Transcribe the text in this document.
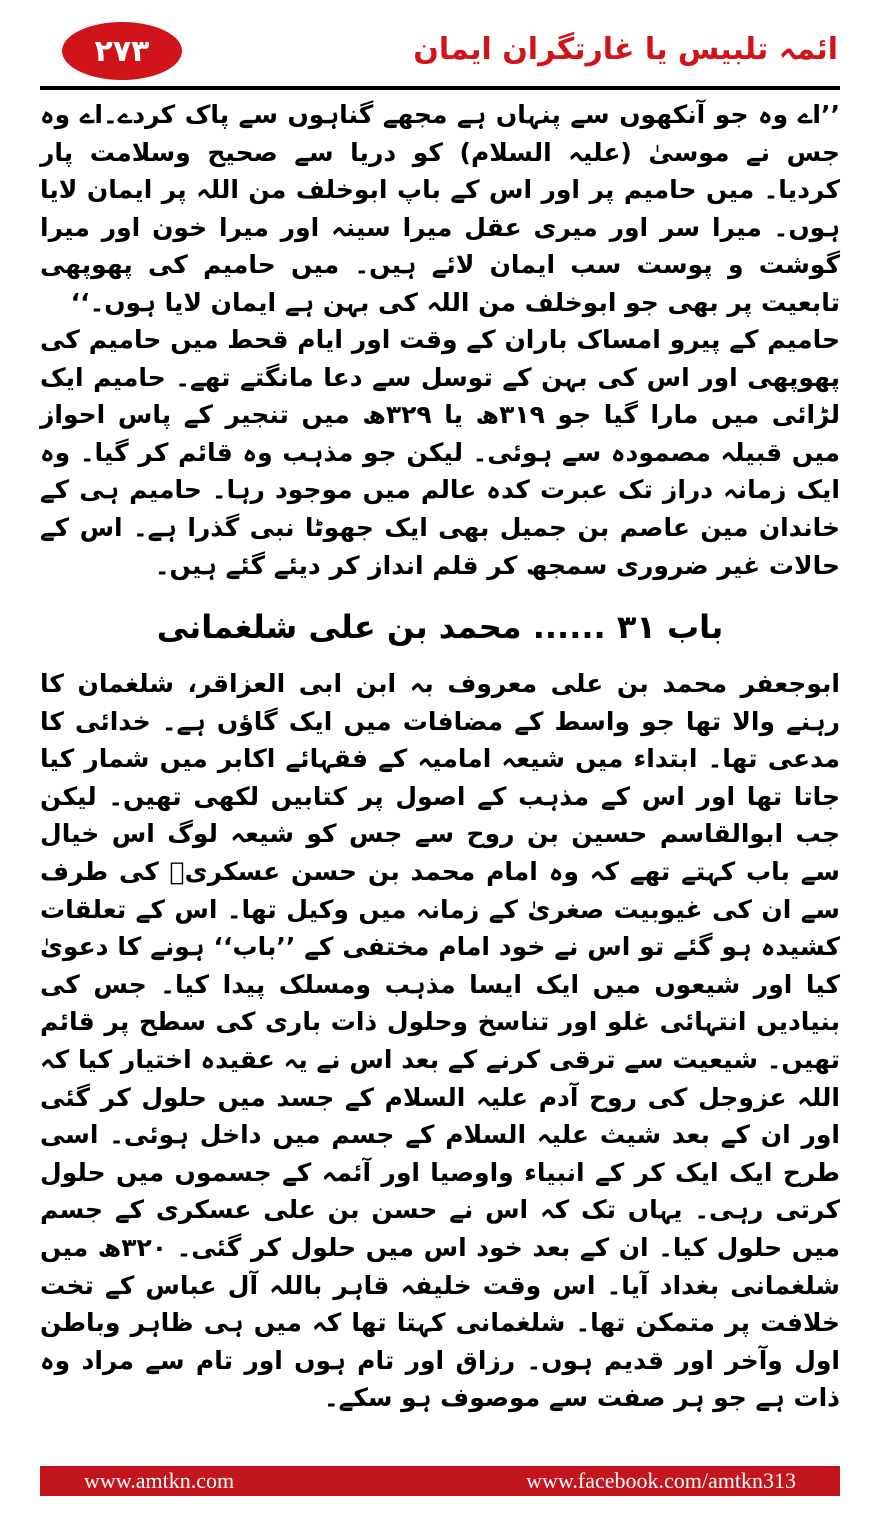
۲۷۳	ائمہ تلبیس یا غارتگران ایمان

’’اے وہ جو آنکھوں سے پنہاں ہے مجھے گناہوں سے پاک کردے۔اے وہ جس نے موسیٰ (علیہ السلام) کو دریا سے صحیح وسلامت پار کردیا۔ میں حامیم پر اور اس کے باپ ابوخلف من اللہ پر ایمان لایا ہوں۔ میرا سر اور میری عقل میرا سینہ اور میرا خون اور میرا گوشت و پوست سب ایمان لائے ہیں۔ میں حامیم کی پھوپھی تابعیت پر بھی جو ابوخلف من اللہ کی بہن ہے ایمان لایا ہوں۔‘‘

حامیم کے پیرو امساک باران کے وقت اور ایام قحط میں حامیم کی پھوپھی اور اس کی بہن کے توسل سے دعا مانگتے تھے۔ حامیم ایک لڑائی میں مارا گیا جو ۳۱۹ھ یا ۳۲۹ھ میں تنجیر کے پاس احواز میں قبیلہ مصمودہ سے ہوئی۔ لیکن جو مذہب وہ قائم کر گیا۔ وہ ایک زمانہ دراز تک عبرت کدہ عالم میں موجود رہا۔ حامیم ہی کے خاندان مین عاصم بن جمیل بھی ایک جھوٹا نبی گذرا ہے۔ اس کے حالات غیر ضروری سمجھ کر قلم انداز کر دیئے گئے ہیں۔

باب ۳۱ ...... محمد بن علی شلغمانی

ابوجعفر محمد بن علی معروف بہ ابن ابی العزاقر، شلغمان کا رہنے والا تھا جو واسط کے مضافات میں ایک گاؤں ہے۔ خدائی کا مدعی تھا۔ ابتداء میں شیعہ امامیہ کے فقہائے اکابر میں شمار کیا جاتا تھا اور اس کے مذہب کے اصول پر کتابیں لکھی تھیں۔ لیکن جب ابوالقاسم حسین بن روح سے جس کو شیعہ لوگ اس خیال سے باب کہتے تھے کہ وہ امام محمد بن حسن عسکریؒ کی طرف سے ان کی غیوبیت صغریٰ کے زمانہ میں وکیل تھا۔ اس کے تعلقات کشیدہ ہو گئے تو اس نے خود امام مختفی کے ’’باب‘‘ ہونے کا دعویٰ کیا اور شیعوں میں ایک ایسا مذہب ومسلک پیدا کیا۔ جس کی بنیادیں انتہائی غلو اور تناسخ وحلول ذات باری کی سطح پر قائم تھیں۔ شیعیت سے ترقی کرنے کے بعد اس نے یہ عقیدہ اختیار کیا کہ اللہ عزوجل کی روح آدم علیہ السلام کے جسد میں حلول کر گئی اور ان کے بعد شیث علیہ السلام کے جسم میں داخل ہوئی۔ اسی طرح ایک ایک کر کے انبیاء واوصیا اور آئمہ کے جسموں میں حلول کرتی رہی۔ یہاں تک کہ اس نے حسن بن علی عسکری کے جسم میں حلول کیا۔ ان کے بعد خود اس میں حلول کر گئی۔ ۳۲۰ھ میں شلغمانی بغداد آیا۔ اس وقت خلیفہ قاہر باللہ آل عباس کے تخت خلافت پر متمکن تھا۔ شلغمانی کہتا تھا کہ میں ہی ظاہر وباطن اول وآخر اور قدیم ہوں۔ رزاق اور تام ہوں اور تام سے مراد وہ ذات ہے جو ہر صفت سے موصوف ہو سکے۔

www.amtkn.com	www.facebook.com/amtkn313
